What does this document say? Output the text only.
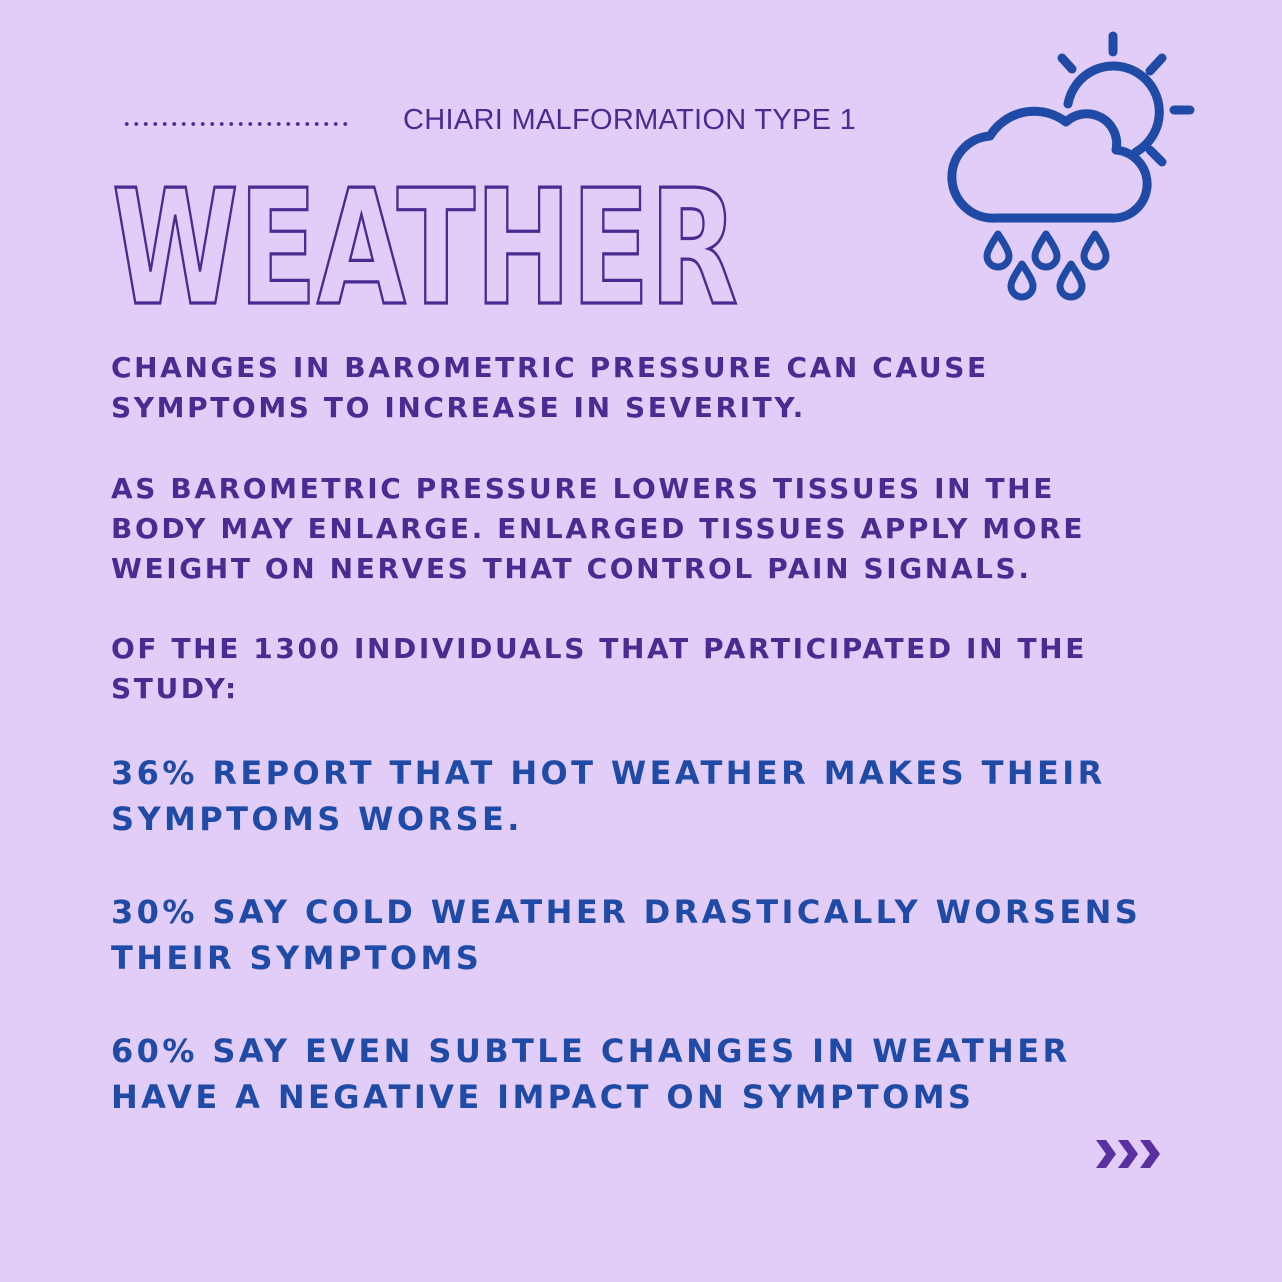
CHIARI MALFORMATION TYPE 1
WEATHER

CHANGES IN BAROMETRIC PRESSURE CAN CAUSE
SYMPTOMS TO INCREASE IN SEVERITY.

AS BAROMETRIC PRESSURE LOWERS TISSUES IN THE
BODY MAY ENLARGE. ENLARGED TISSUES APPLY MORE
WEIGHT ON NERVES THAT CONTROL PAIN SIGNALS.

OF THE 1300 INDIVIDUALS THAT PARTICIPATED IN THE
STUDY:

36% REPORT THAT HOT WEATHER MAKES THEIR
SYMPTOMS WORSE.

30% SAY COLD WEATHER DRASTICALLY WORSENS
THEIR SYMPTOMS

60% SAY EVEN SUBTLE CHANGES IN WEATHER
HAVE A NEGATIVE IMPACT ON SYMPTOMS
